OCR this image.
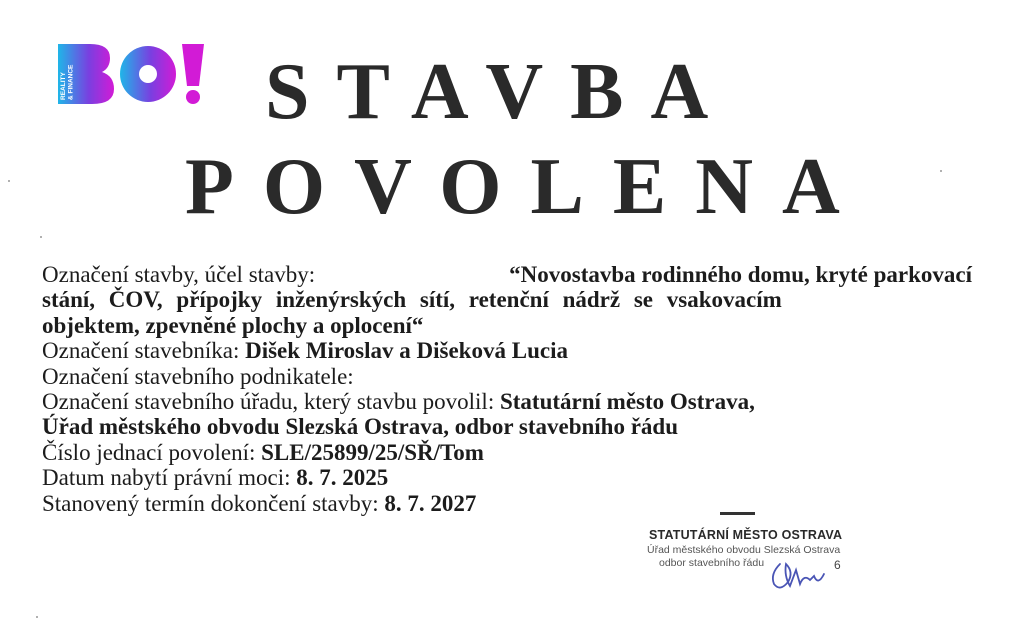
REALITY & FINANCE STAVBA
POVOLENA
Označení stavby, účel stavby:	“Novostavba rodinného domu, kryté parkovací
stání, ČOV, přípojky inženýrských sítí, retenční nádrž se vsakovacím
objektem, zpevněné plochy a oplocení“
Označení stavebníka: Dišek Miroslav a Dišeková Lucia
Označení stavebního podnikatele:
Označení stavebního úřadu, který stavbu povolil: Statutární město Ostrava,
Úřad městského obvodu Slezská Ostrava, odbor stavebního řádu
Číslo jednací povolení: SLE/25899/25/SŘ/Tom
Datum nabytí právní moci: 8. 7. 2025
Stanovený termín dokončení stavby: 8. 7. 2027
STATUTÁRNÍ MĚSTO OSTRAVA
Úřad městského obvodu Slezská Ostrava
odbor stavebního řádu	6
